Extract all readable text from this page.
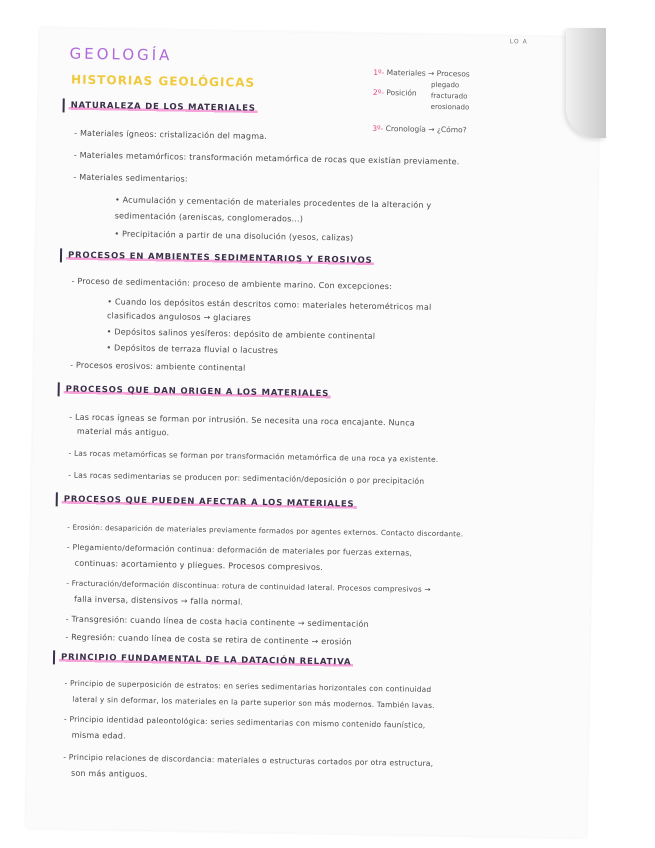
LO A
GEOLOGÍA
HISTORIAS GEOLÓGICAS
1º- Materiales → Procesos
2º- Posición
plegado
fracturado
erosionado
3º- Cronología → ¿Cómo?
NATURALEZA DE LOS MATERIALES
- Materiales ígneos: cristalización del magma.
- Materiales metamórficos: transformación metamórfica de rocas que existían previamente.
- Materiales sedimentarios:
• Acumulación y cementación de materiales procedentes de la alteración y
sedimentación (areniscas, conglomerados...)
• Precipitación a partir de una disolución (yesos, calizas)
PROCESOS EN AMBIENTES SEDIMENTARIOS Y EROSIVOS
- Proceso de sedimentación: proceso de ambiente marino. Con excepciones:
• Cuando los depósitos están descritos como: materiales heterométricos mal
clasificados angulosos → glaciares
• Depósitos salinos yesíferos: depósito de ambiente continental
• Depósitos de terraza fluvial o lacustres
- Procesos erosivos: ambiente continental
PROCESOS QUE DAN ORIGEN A LOS MATERIALES
- Las rocas ígneas se forman por intrusión. Se necesita una roca encajante. Nunca
material más antiguo.
- Las rocas metamórficas se forman por transformación metamórfica de una roca ya existente.
- Las rocas sedimentarias se producen por: sedimentación/deposición o por precipitación
PROCESOS QUE PUEDEN AFECTAR A LOS MATERIALES
- Erosión: desaparición de materiales previamente formados por agentes externos. Contacto discordante.
- Plegamiento/deformación continua: deformación de materiales por fuerzas externas,
continuas: acortamiento y pliegues. Procesos compresivos.
- Fracturación/deformación discontinua: rotura de continuidad lateral. Procesos compresivos →
falla inversa, distensivos → falla normal.
- Transgresión: cuando línea de costa hacia continente → sedimentación
- Regresión: cuando línea de costa se retira de continente → erosión
PRINCIPIO FUNDAMENTAL DE LA DATACIÓN RELATIVA
- Principio de superposición de estratos: en series sedimentarias horizontales con continuidad
lateral y sin deformar, los materiales en la parte superior son más modernos. También lavas.
- Principio identidad paleontológica: series sedimentarias con mismo contenido faunístico,
misma edad.
- Principio relaciones de discordancia: materiales o estructuras cortados por otra estructura,
son más antiguos.
